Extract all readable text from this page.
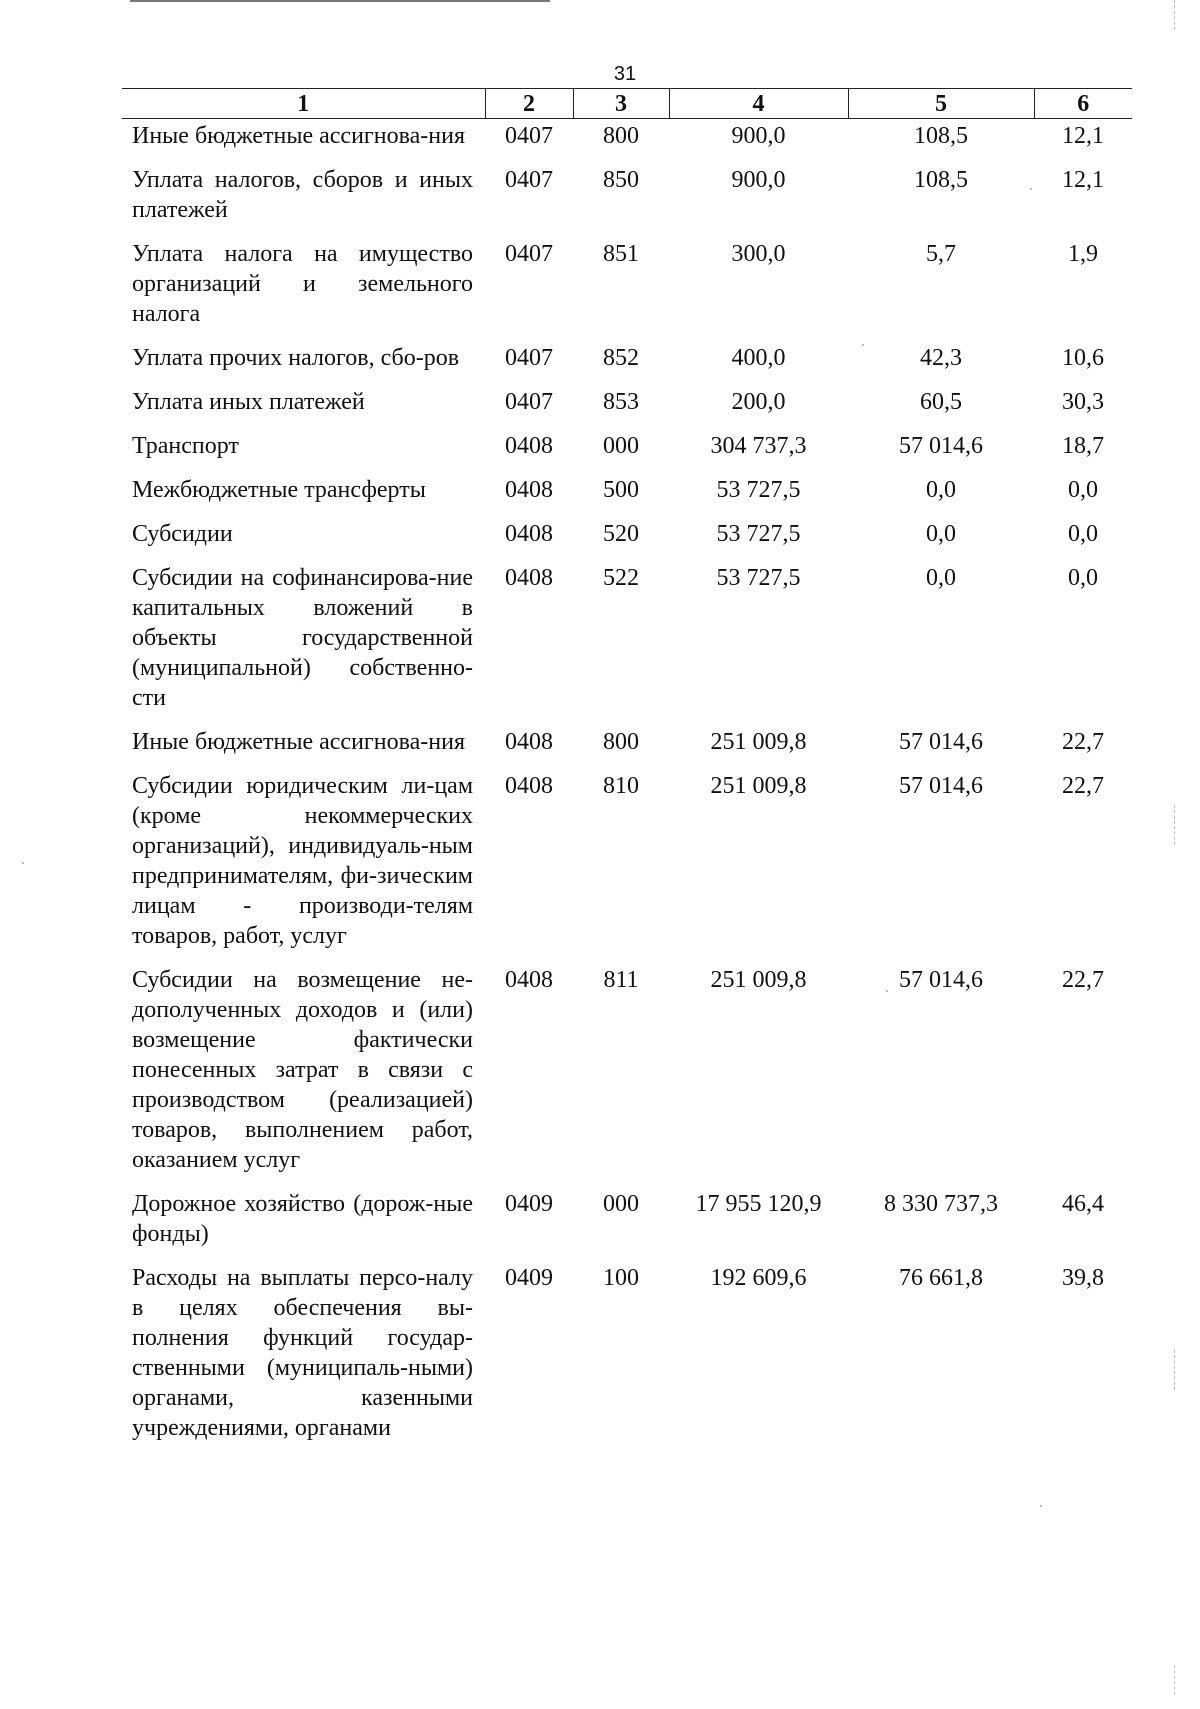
31
1	2	3	4	5	6
Иные бюджетные ассигнова-ния	0407	800	900,0	108,5	12,1
Уплата налогов, сборов и иных платежей	0407	850	900,0	108,5	12,1
Уплата налога на имущество организаций и земельного налога	0407	851	300,0	5,7	1,9
Уплата прочих налогов, сбо-ров	0407	852	400,0	42,3	10,6
Уплата иных платежей	0407	853	200,0	60,5	30,3
Транспорт	0408	000	304 737,3	57 014,6	18,7
Межбюджетные трансферты	0408	500	53 727,5	0,0	0,0
Субсидии	0408	520	53 727,5	0,0	0,0
Субсидии на софинансирова-ние капитальных вложений в объекты государственной (муниципальной) собственно-сти	0408	522	53 727,5	0,0	0,0
Иные бюджетные ассигнова-ния	0408	800	251 009,8	57 014,6	22,7
Субсидии юридическим ли-цам (кроме некоммерческих организаций), индивидуаль-ным предпринимателям, фи-зическим лицам - производи-телям товаров, работ, услуг	0408	810	251 009,8	57 014,6	22,7
Субсидии на возмещение не-дополученных доходов и (или) возмещение фактически понесенных затрат в связи с производством (реализацией) товаров, выполнением работ, оказанием услуг	0408	811	251 009,8	57 014,6	22,7
Дорожное хозяйство (дорож-ные фонды)	0409	000	17 955 120,9	8 330 737,3	46,4
Расходы на выплаты персо-налу в целях обеспечения вы-полнения функций государ-ственными (муниципаль-ными) органами, казенными учреждениями, органами	0409	100	192 609,6	76 661,8	39,8
